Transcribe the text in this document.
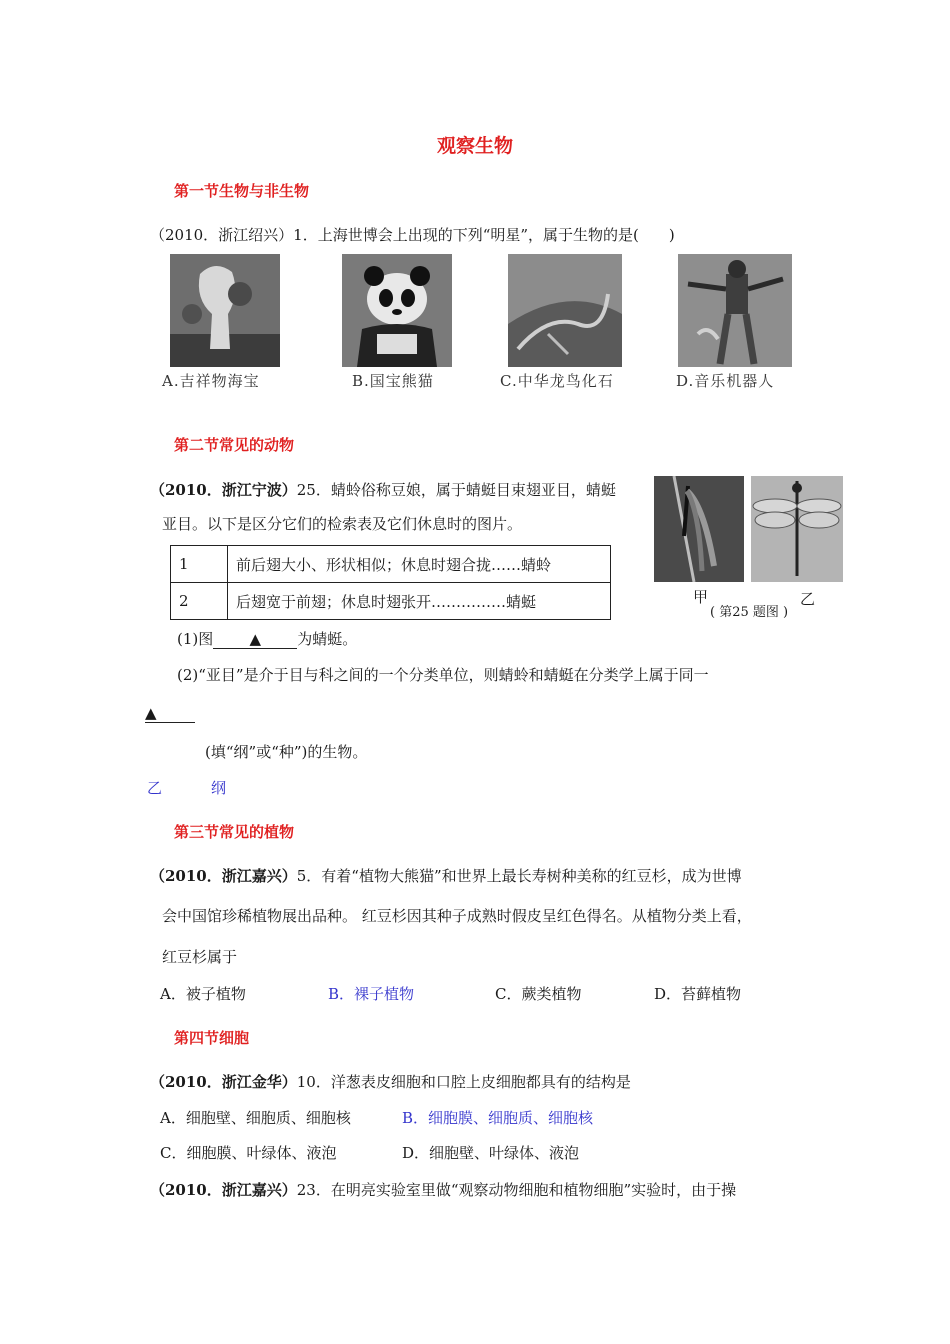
观察生物
第一节生物与非生物
（2010．浙江绍兴）1．上海世博会上出现的下列“明星”，属于生物的是(　　)
A.吉祥物海宝	B.国宝熊猫	C.中华龙鸟化石	D.音乐机器人
第二节常见的动物
（2010．浙江宁波）25．蜻蛉俗称豆娘，属于蜻蜓目束翅亚目，蜻蜓
亚目。以下是区分它们的检索表及它们休息时的图片。
1	前后翅大小、形状相似；休息时翅合拢……蜻蛉
2	后翅宽于前翅；休息时翅张开……………蜻蜓	甲	乙
( 第25 题图 )
(1)图 ▲ 为蜻蜓。
(2)“亚目”是介于目与科之间的一个分类单位，则蜻蛉和蜻蜓在分类学上属于同一
▲
(填“纲”或“种”)的生物。
乙	纲
第三节常见的植物
（2010．浙江嘉兴）5．有着“植物大熊猫”和世界上最长寿树种美称的红豆杉，成为世博
会中国馆珍稀植物展出品种。 红豆杉因其种子成熟时假皮呈红色得名。从植物分类上看，
红豆杉属于
A．被子植物	B．裸子植物	C．蕨类植物	D．苔藓植物
第四节细胞
（2010．浙江金华）10．洋葱表皮细胞和口腔上皮细胞都具有的结构是
A．细胞壁、细胞质、细胞核	B．细胞膜、细胞质、细胞核
C．细胞膜、叶绿体、液泡	D．细胞壁、叶绿体、液泡
（2010．浙江嘉兴）23．在明亮实验室里做“观察动物细胞和植物细胞”实验时，由于操
